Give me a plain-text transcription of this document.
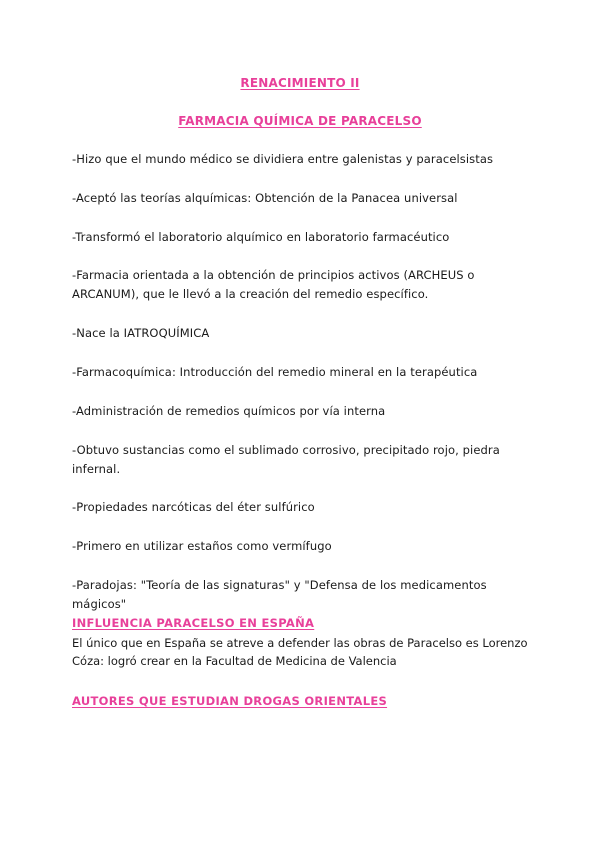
RENACIMIENTO II
FARMACIA QUÍMICA DE PARACELSO
-Hizo que el mundo médico se dividiera entre galenistas y paracelsistas
-Aceptó las teorías alquímicas: Obtención de la Panacea universal
-Transformó el laboratorio alquímico en laboratorio farmacéutico
-Farmacia orientada a la obtención de principios activos (ARCHEUS o ARCANUM), que le llevó a la creación del remedio específico.
-Nace la IATROQUÍMICA
-Farmacoquímica: Introducción del remedio mineral en la terapéutica
-Administración de remedios químicos por vía interna
-Obtuvo sustancias como el sublimado corrosivo, precipitado rojo, piedra infernal.
-Propiedades narcóticas del éter sulfúrico
-Primero en utilizar estaños como vermífugo
-Paradojas: "Teoría de las signaturas" y "Defensa de los medicamentos mágicos"
INFLUENCIA PARACELSO EN ESPAÑA
El único que en España se atreve a defender las obras de Paracelso es Lorenzo Cóza: logró crear en la Facultad de Medicina de Valencia
AUTORES QUE ESTUDIAN DROGAS ORIENTALES
